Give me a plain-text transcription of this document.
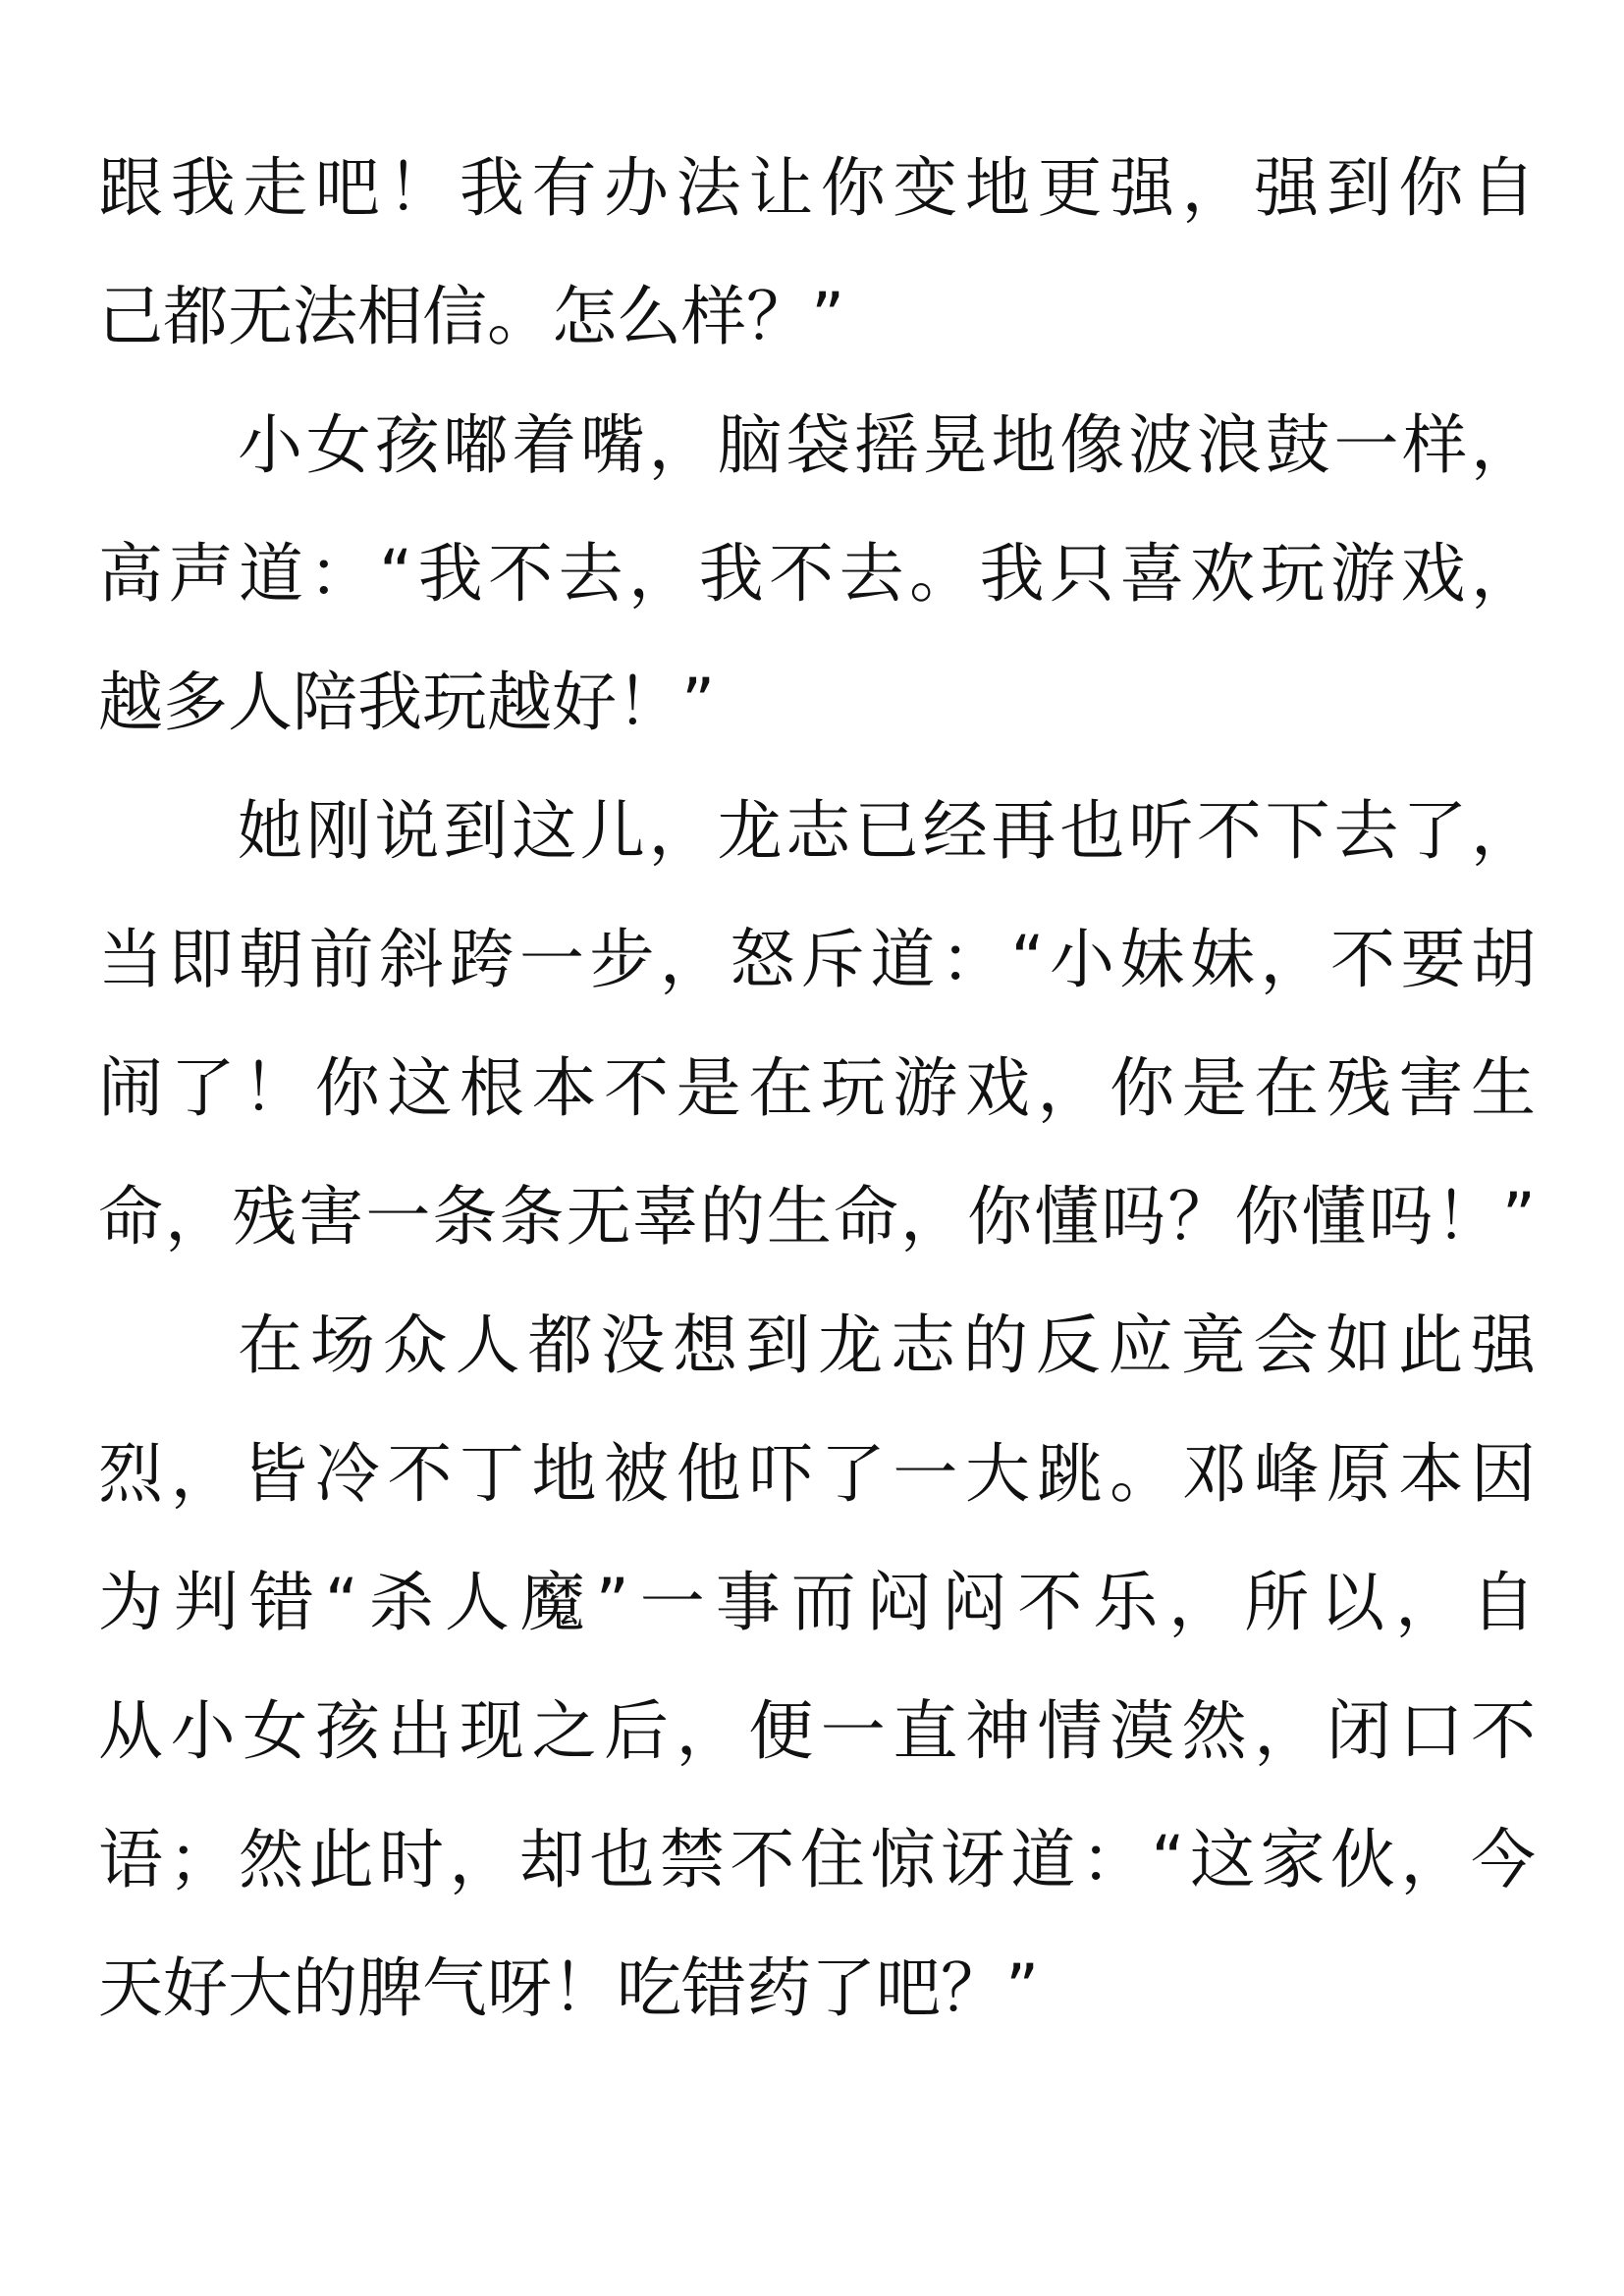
跟我走吧！我有办法让你变地更强，强到你自
己都无法相信。怎么样？”
小女孩嘟着嘴，脑袋摇晃地像波浪鼓一样，
高声道：“我不去，我不去。我只喜欢玩游戏，
越多人陪我玩越好！”
她刚说到这儿，龙志已经再也听不下去了，
当即朝前斜跨一步，怒斥道：“小妹妹，不要胡
闹了！你这根本不是在玩游戏，你是在残害生
命，残害一条条无辜的生命，你懂吗？你懂吗！”
在场众人都没想到龙志的反应竟会如此强
烈，皆冷不丁地被他吓了一大跳。邓峰原本因
为判错“杀人魔”一事而闷闷不乐，所以，自
从小女孩出现之后，便一直神情漠然，闭口不
语；然此时，却也禁不住惊讶道：“这家伙，今
天好大的脾气呀！吃错药了吧？”
